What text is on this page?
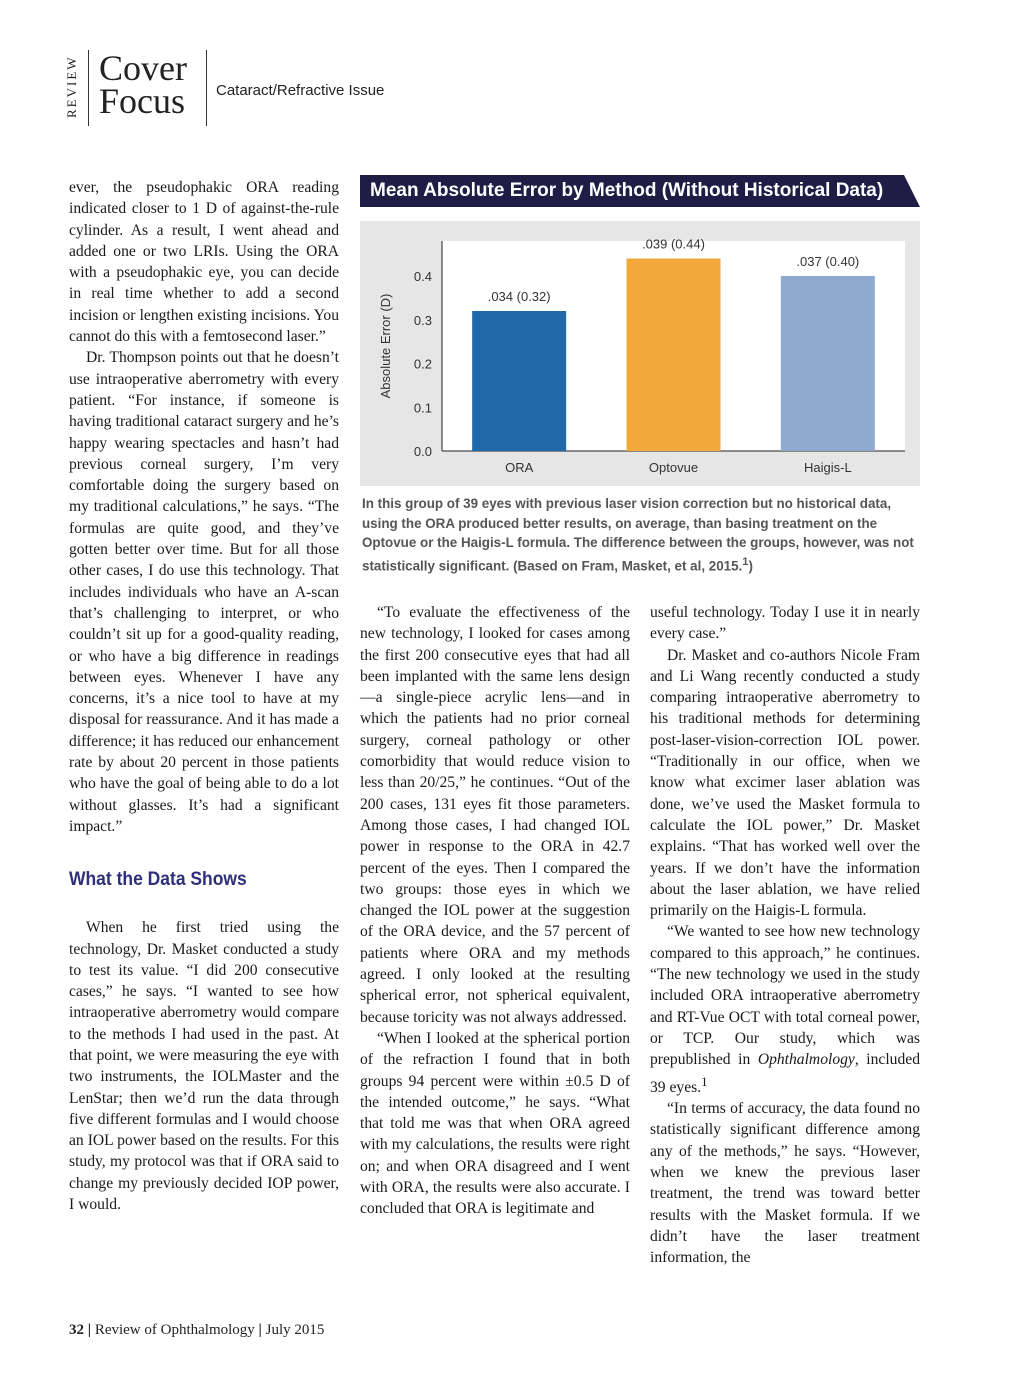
REVIEW Cover
Focus Cataract/Refractive Issue

ever, the pseudophakic ORA reading indicated closer to 1 D of against-the-rule cylinder. As a result, I went ahead and added one or two LRIs. Using the ORA with a pseudophakic eye, you can decide in real time whether to add a second incision or lengthen existing incisions. You cannot do this with a femtosecond laser.”

Dr. Thompson points out that he doesn’t use intraoperative aberrometry with every patient. “For instance, if someone is having traditional cataract surgery and he’s happy wearing spectacles and hasn’t had previous corneal surgery, I’m very comfortable doing the surgery based on my traditional calculations,” he says. “The formulas are quite good, and they’ve gotten better over time. But for all those other cases, I do use this technology. That includes individuals who have an A-scan that’s challenging to interpret, or who couldn’t sit up for a good-quality reading, or who have a big difference in readings between eyes. Whenever I have any concerns, it’s a nice tool to have at my disposal for reassurance. And it has made a difference; it has reduced our enhancement rate by about 20 percent in those patients who have the goal of being able to do a lot without glasses. It’s had a significant impact.”

What the Data Shows

When he first tried using the technology, Dr. Masket conducted a study to test its value. “I did 200 consecutive cases,” he says. “I wanted to see how intraoperative aberrometry would compare to the methods I had used in the past. At that point, we were measuring the eye with two instruments, the IOLMaster and the LenStar; then we’d run the data through five different formulas and I would choose an IOL power based on the results. For this study, my protocol was that if ORA said to change my previously decided IOP power, I would.

Mean Absolute Error by Method (Without Historical Data)
0.0
0.1
0.2
0.3
0.4
Absolute Error (D)	.034 (0.32)
ORA
.039 (0.44)
Optovue
.037 (0.40)
Haigis-L
In this group of 39 eyes with previous laser vision correction but no historical data, using the ORA produced better results, on average, than basing treatment on the Optovue or the Haigis-L formula. The difference between the groups, however, was not statistically significant. (Based on Fram, Masket, et al, 2015.$^1$)

“To evaluate the effectiveness of the new technology, I looked for cases among the first 200 consecutive eyes that had all been implanted with the same lens design—a single-piece acrylic lens—and in which the patients had no prior corneal surgery, corneal pathology or other comorbidity that would reduce vision to less than 20/25,” he continues. “Out of the 200 cases, 131 eyes fit those parameters. Among those cases, I had changed IOL power in response to the ORA in 42.7 percent of the eyes. Then I compared the two groups: those eyes in which we changed the IOL power at the suggestion of the ORA device, and the 57 percent of patients where ORA and my methods agreed. I only looked at the resulting spherical error, not spherical equivalent, because toricity was not always addressed.

“When I looked at the spherical portion of the refraction I found that in both groups 94 percent were within ±0.5 D of the intended outcome,” he says. “What that told me was that when ORA agreed with my calculations, the results were right on; and when ORA disagreed and I went with ORA, the results were also accurate. I concluded that ORA is legitimate and

useful technology. Today I use it in nearly every case.”

Dr. Masket and co-authors Nicole Fram and Li Wang recently conducted a study comparing intraoperative aberrometry to his traditional methods for determining post-laser-vision-correction IOL power. “Traditionally in our office, when we know what excimer laser ablation was done, we’ve used the Masket formula to calculate the IOL power,” Dr. Masket explains. “That has worked well over the years. If we don’t have the information about the laser ablation, we have relied primarily on the Haigis-L formula.

“We wanted to see how new technology compared to this approach,” he continues. “The new technology we used in the study included ORA intraoperative aberrometry and RT-Vue OCT with total corneal power, or TCP. Our study, which was prepublished in Ophthalmology, included 39 eyes.$^1$

“In terms of accuracy, the data found no statistically significant difference among any of the methods,” he says. “However, when we knew the previous laser treatment, the trend was toward better results with the Masket formula. If we didn’t have the laser treatment information, the

32 | Review of Ophthalmology | July 2015
